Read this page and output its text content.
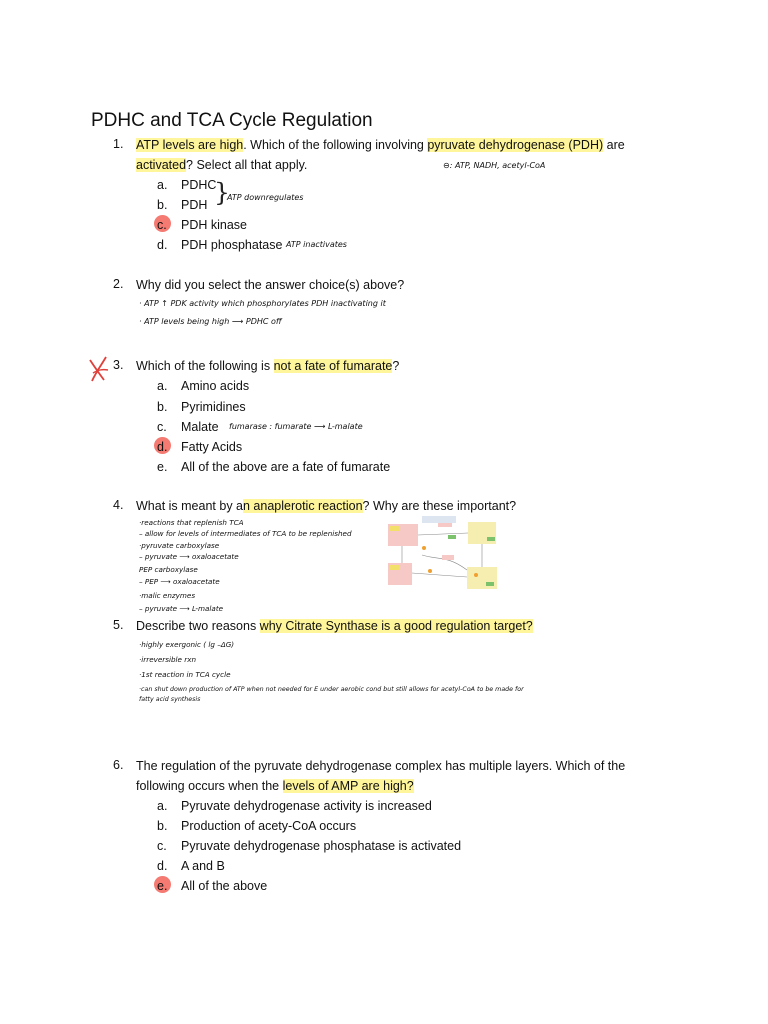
PDHC and TCA Cycle Regulation
1. ATP levels are high. Which of the following involving pyruvate dehydrogenase (PDH) are
activated? Select all that apply.	⊖: ATP, NADH, acetyl-CoA
a. PDHC
b. PDH }
ATP downregulates
c. PDH kinase
d. PDH phosphatase ATP inactivates
2. Why did you select the answer choice(s) above?
· ATP ↑ PDK activity which phosphorylates PDH inactivating it
· ATP levels being high ⟶ PDHC off
3. Which of the following is not a fate of fumarate?
a. Amino acids
b. Pyrimidines
c. Malate fumarase : fumarate ⟶ L-malate
d. Fatty Acids
e. All of the above are a fate of fumarate
4. What is meant by an anaplerotic reaction? Why are these important?
·reactions that replenish TCA
– allow for levels of intermediates of TCA to be replenished
·pyruvate carboxylase
– pyruvate ⟶ oxaloacetate
PEP carboxylase
– PEP ⟶ oxaloacetate
·malic enzymes
– pyruvate ⟶ L-malate
5. Describe two reasons why Citrate Synthase is a good regulation target?
·highly exergonic ( lg –ΔG)
·irreversible rxn
·1st reaction in TCA cycle
·can shut down production of ATP when not needed for E under aerobic cond but still allows for acetyl-CoA to be made for
fatty acid synthesis
6. The regulation of the pyruvate dehydrogenase complex has multiple layers. Which of the
following occurs when the levels of AMP are high?
a. Pyruvate dehydrogenase activity is increased
b. Production of acety-CoA occurs
c. Pyruvate dehydrogenase phosphatase is activated
d. A and B
e. All of the above
